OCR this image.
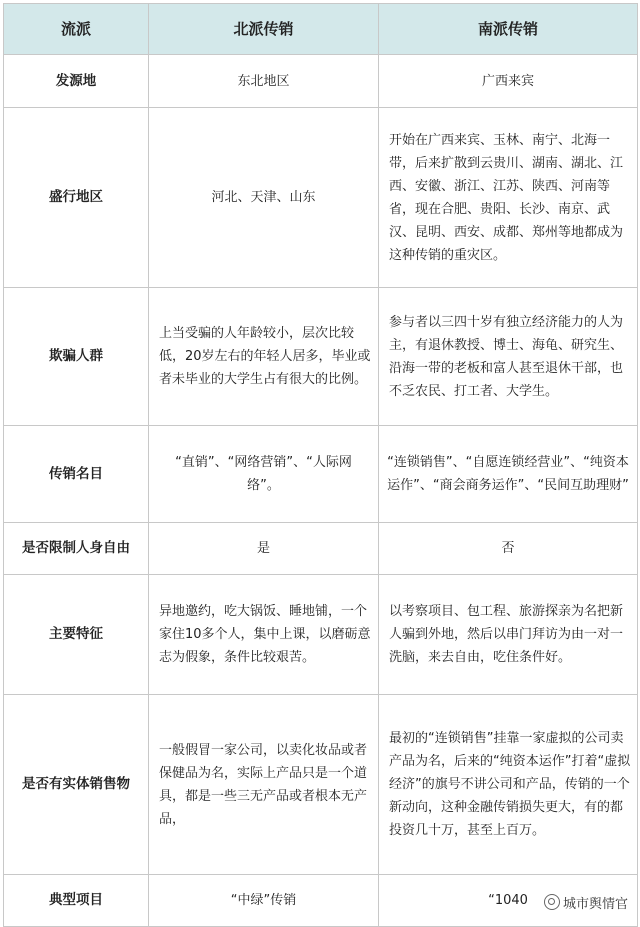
流派	北派传销	南派传销
发源地	东北地区	广西来宾
盛行地区	河北、天津、山东	开始在广西来宾、玉林、南宁、北海一带，后来扩散到云贵川、湖南、湖北、江西、安徽、浙江、江苏、陕西、河南等省，现在合肥、贵阳、长沙、南京、武汉、昆明、西安、成都、郑州等地都成为这种传销的重灾区。
欺骗人群	上当受骗的人年龄较小，层次比较低，20岁左右的年轻人居多，毕业或者未毕业的大学生占有很大的比例。	参与者以三四十岁有独立经济能力的人为主，有退休教授、博士、海龟、研究生、沿海一带的老板和富人甚至退休干部，也不乏农民、打工者、大学生。
传销名目	“直销”、“网络营销”、“人际网络”。	“连锁销售”、“自愿连锁经营业”、“纯资本运作”、“商会商务运作”、“民间互助理财”
是否限制人身自由	是	否
主要特征	异地邀约，吃大锅饭、睡地铺，一个家住10多个人，集中上课，以磨砺意志为假象，条件比较艰苦。	以考察项目、包工程、旅游探亲为名把新人骗到外地，然后以串门拜访为由一对一洗脑，来去自由，吃住条件好。
是否有实体销售物	一般假冒一家公司，以卖化妆品或者保健品为名，实际上产品只是一个道具，都是一些三无产品或者根本无产品，	最初的“连锁销售”挂靠一家虚拟的公司卖产品为名，后来的“纯资本运作”打着“虚拟经济”的旗号不讲公司和产品，传销的一个新动向，这种金融传销损失更大，有的都投资几十万，甚至上百万。
典型项目	“中绿”传销	“1040	城市舆情官
